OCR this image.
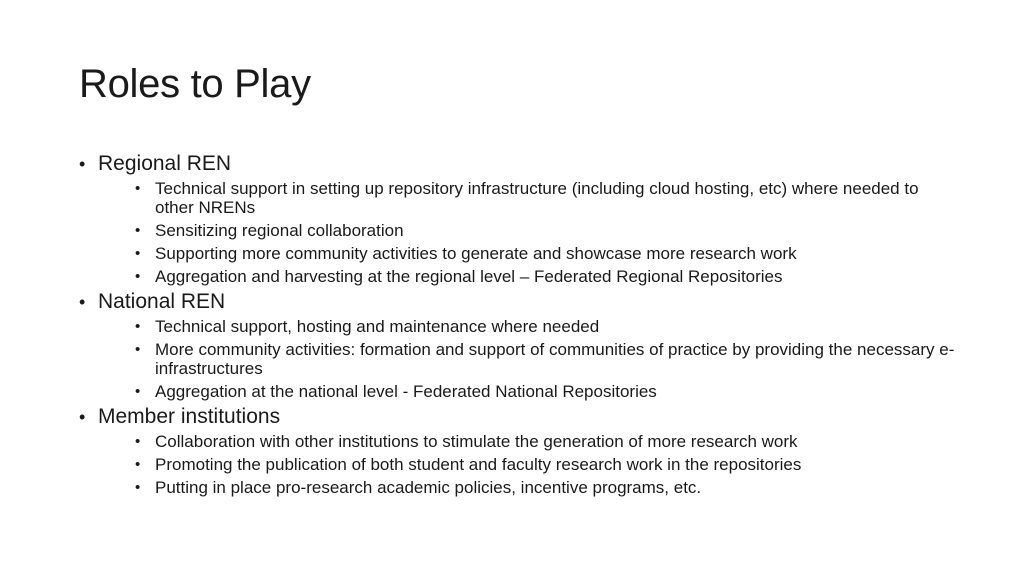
Roles to Play
• Regional REN
• Technical support in setting up repository infrastructure (including cloud hosting, etc) where needed to other NRENs
• Sensitizing regional collaboration
• Supporting more community activities to generate and showcase more research work
• Aggregation and harvesting at the regional level – Federated Regional Repositories
• National REN
• Technical support, hosting and maintenance where needed
• More community activities: formation and support of communities of practice by providing the necessary e-infrastructures
• Aggregation at the national level - Federated National Repositories
• Member institutions
• Collaboration with other institutions to stimulate the generation of more research work
• Promoting the publication of both student and faculty research work in the repositories
• Putting in place pro-research academic policies, incentive programs, etc.
